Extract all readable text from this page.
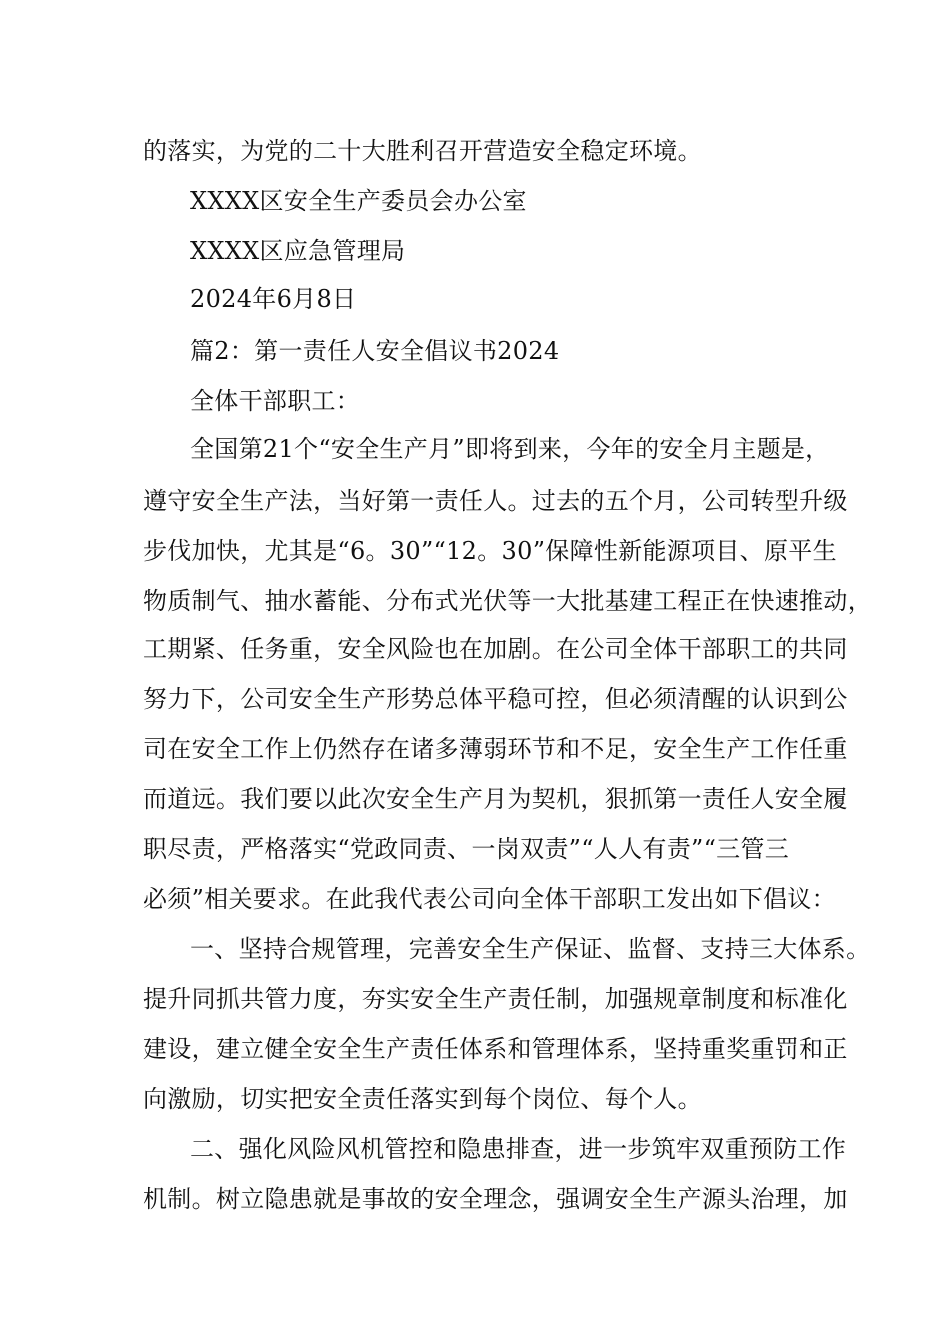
的落实，为党的二十大胜利召开营造安全稳定环境。
XXXX区安全生产委员会办公室
XXXX区应急管理局
2024年6月8日
篇2：第一责任人安全倡议书2024
全体干部职工：
全国第21个“安全生产月”即将到来，今年的安全月主题是，
遵守安全生产法，当好第一责任人。过去的五个月，公司转型升级
步伐加快，尤其是“6。30”“12。30”保障性新能源项目、原平生
物质制气、抽水蓄能、分布式光伏等一大批基建工程正在快速推动，
工期紧、任务重，安全风险也在加剧。在公司全体干部职工的共同
努力下，公司安全生产形势总体平稳可控，但必须清醒的认识到公
司在安全工作上仍然存在诸多薄弱环节和不足，安全生产工作任重
而道远。我们要以此次安全生产月为契机，狠抓第一责任人安全履
职尽责，严格落实“党政同责、一岗双责”“人人有责”“三管三
必须”相关要求。在此我代表公司向全体干部职工发出如下倡议：
一、坚持合规管理，完善安全生产保证、监督、支持三大体系。
提升同抓共管力度，夯实安全生产责任制，加强规章制度和标准化
建设，建立健全安全生产责任体系和管理体系，坚持重奖重罚和正
向激励，切实把安全责任落实到每个岗位、每个人。
二、强化风险风机管控和隐患排查，进一步筑牢双重预防工作
机制。树立隐患就是事故的安全理念，强调安全生产源头治理，加
